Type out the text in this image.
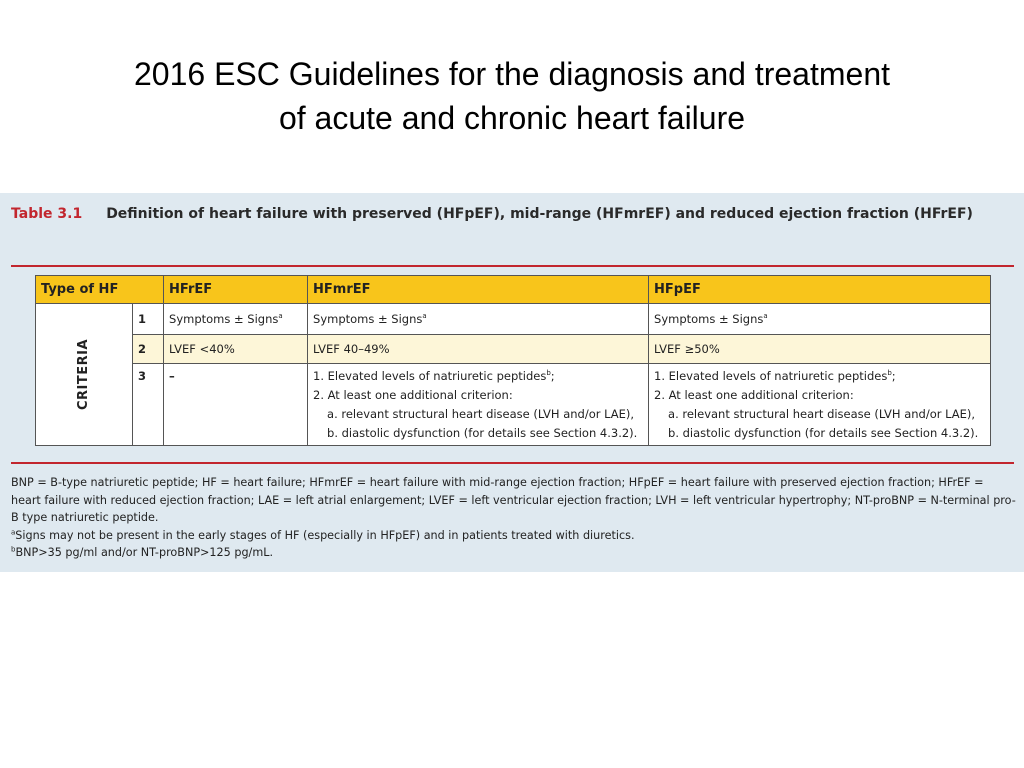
2016 ESC Guidelines for the diagnosis and treatment
of acute and chronic heart failure
Table 3.1 Definition of heart failure with preserved (HFpEF), mid-range (HFmrEF) and reduced ejection fraction (HFrEF)
Type of HF		HFrEF	HFmrEF	HFpEF
CRITERIA	1	Symptoms ± Signs$^a$	Symptoms ± Signs$^a$	Symptoms ± Signs$^a$
	2	LVEF <40%	LVEF 40–49%	LVEF ≥50%
	3	–	1. Elevated levels of natriuretic peptides$^b$;
2. At least one additional criterion:
a. relevant structural heart disease (LVH and/or LAE),
b. diastolic dysfunction (for details see Section 4.3.2).	1. Elevated levels of natriuretic peptides$^b$;
2. At least one additional criterion:
a. relevant structural heart disease (LVH and/or LAE),
b. diastolic dysfunction (for details see Section 4.3.2).
BNP = B-type natriuretic peptide; HF = heart failure; HFmrEF = heart failure with mid-range ejection fraction; HFpEF = heart failure with preserved ejection fraction; HFrEF = heart failure with reduced ejection fraction; LAE = left atrial enlargement; LVEF = left ventricular ejection fraction; LVH = left ventricular hypertrophy; NT-proBNP = N-terminal pro-B type natriuretic peptide.
$^a$Signs may not be present in the early stages of HF (especially in HFpEF) and in patients treated with diuretics.
$^b$BNP>35 pg/ml and/or NT-proBNP>125 pg/mL.
